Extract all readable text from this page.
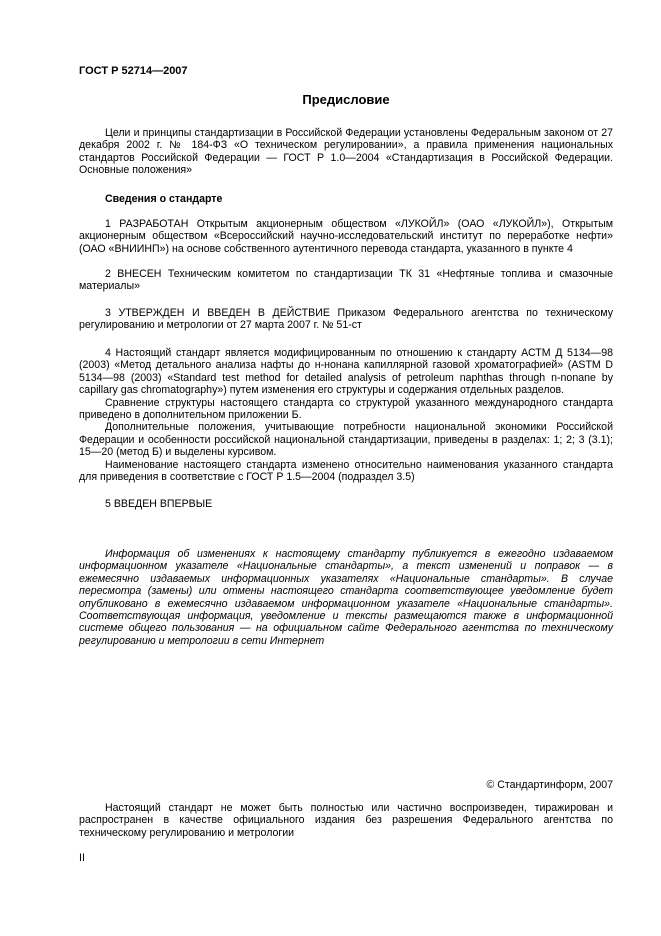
ГОСТ Р 52714—2007
Предисловие

Цели и принципы стандартизации в Российской Федерации установлены Федеральным законом от 27 декабря 2002 г. № 184-ФЗ «О техническом регулировании», а правила применения национальных стандартов Российской Федерации — ГОСТ Р 1.0—2004 «Стандартизация в Российской Федерации. Основные положения»

Сведения о стандарте

1 РАЗРАБОТАН Открытым акционерным обществом «ЛУКОЙЛ» (ОАО «ЛУКОЙЛ»), Открытым акционерным обществом «Всероссийский научно-исследовательский институт по переработке нефти» (ОАО «ВНИИНП») на основе собственного аутентичного перевода стандарта, указанного в пункте 4

2 ВНЕСЕН Техническим комитетом по стандартизации ТК 31 «Нефтяные топлива и смазочные материалы»

3 УТВЕРЖДЕН И ВВЕДЕН В ДЕЙСТВИЕ Приказом Федерального агентства по техническому регулированию и метрологии от 27 марта 2007 г. № 51-ст

4 Настоящий стандарт является модифицированным по отношению к стандарту АСТМ Д 5134—98 (2003) «Метод детального анализа нафты до н-нонана капиллярной газовой хроматографией» (ASTM D 5134—98 (2003) «Standard test method for detailed analysis of petroleum naphthas through n-nonane by capillary gas chromatography») путем изменения его структуры и содержания отдельных разделов.

Сравнение структуры настоящего стандарта со структурой указанного международного стандарта приведено в дополнительном приложении Б.

Дополнительные положения, учитывающие потребности национальной экономики Российской Федерации и особенности российской национальной стандартизации, приведены в разделах: 1; 2; 3 (3.1); 15—20 (метод Б) и выделены курсивом.

Наименование настоящего стандарта изменено относительно наименования указанного стандарта для приведения в соответствие с ГОСТ Р 1.5—2004 (подраздел 3.5)

5 ВВЕДЕН ВПЕРВЫЕ

Информация об изменениях к настоящему стандарту публикуется в ежегодно издаваемом информационном указателе «Национальные стандарты», а текст изменений и поправок — в ежемесячно издаваемых информационных указателях «Национальные стандарты». В случае пересмотра (замены) или отмены настоящего стандарта соответствующее уведомление будет опубликовано в ежемесячно издаваемом информационном указателе «Национальные стандарты». Соответствующая информация, уведомление и тексты размещаются также в информационной системе общего пользования — на официальном сайте Федерального агентства по техническому регулированию и метрологии в сети Интернет

© Стандартинформ, 2007

Настоящий стандарт не может быть полностью или частично воспроизведен, тиражирован и распространен в качестве официального издания без разрешения Федерального агентства по техническому регулированию и метрологии

II
